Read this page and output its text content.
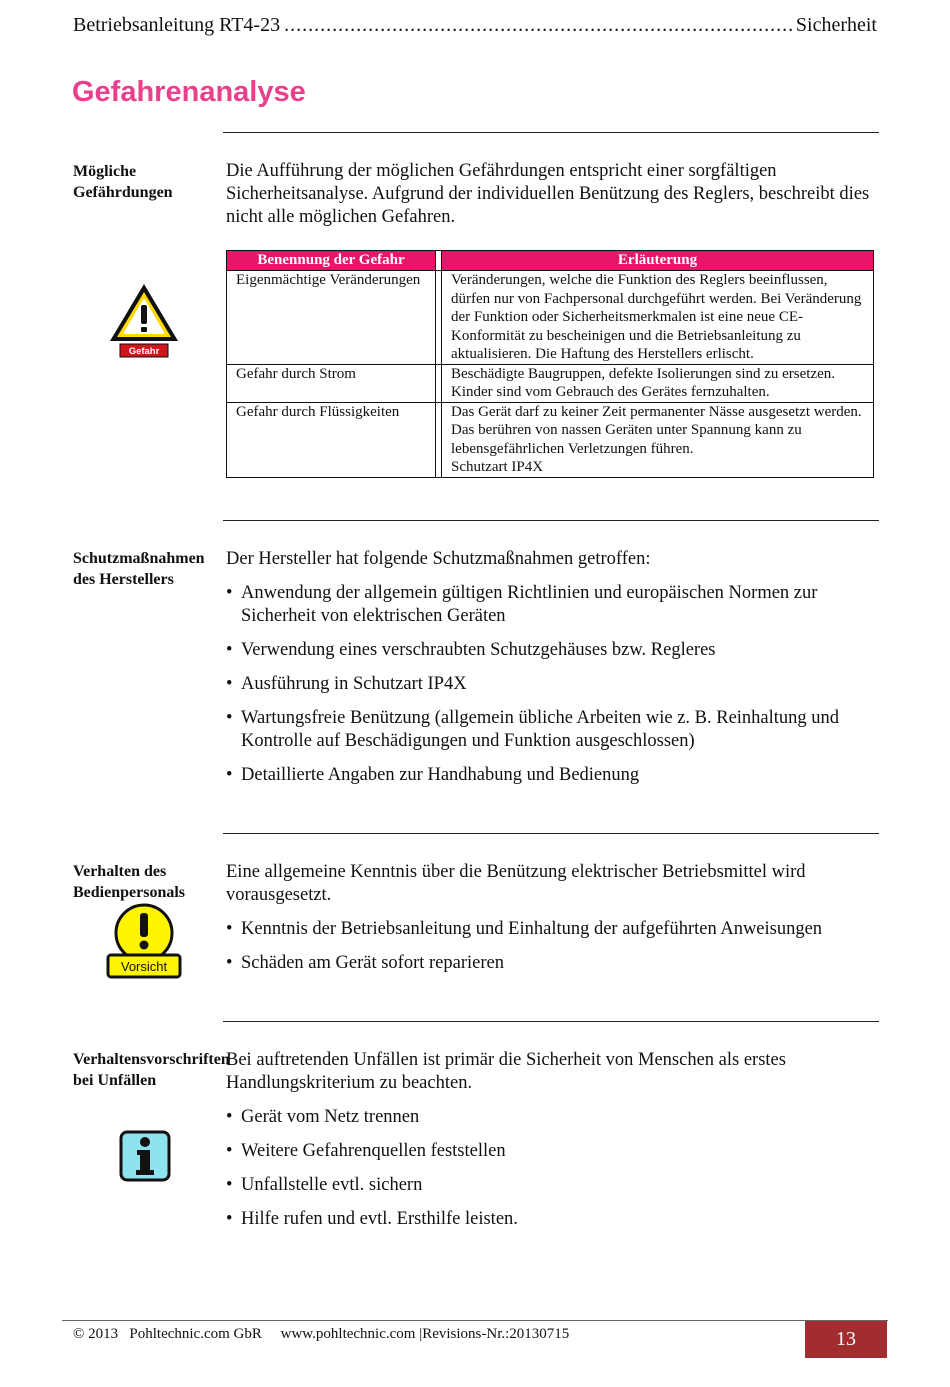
Betriebsanleitung RT4-23 .....	Sicherheit
Gefahrenanalyse
Mögliche Gefährdungen

Die Aufführung der möglichen Gefährdungen entspricht einer sorgfältigen Sicherheitsanalyse. Aufgrund der individuellen Benützung des Reglers, beschreibt dies nicht alle möglichen Gefahren.

Gefahr
Benennung der Gefahr		Erläuterung
Eigenmächtige Veränderungen		Veränderungen, welche die Funktion des Reglers beeinflussen, dürfen nur von Fachpersonal durchgeführt werden. Bei Veränderung der Funktion oder Sicherheitsmerkmalen ist eine neue CE-Konformität zu bescheinigen und die Betriebsanleitung zu aktualisieren. Die Haftung des Herstellers erlischt.
Gefahr durch Strom		Beschädigte Baugruppen, defekte Isolierungen sind zu ersetzen. Kinder sind vom Gebrauch des Gerätes fernzuhalten.
Gefahr durch Flüssigkeiten		Das Gerät darf zu keiner Zeit permanenter Nässe ausgesetzt werden. Das berühren von nassen Geräten unter Spannung kann zu lebensgefährlichen Verletzungen führen.
Schutzart IP4X
Schutzmaßnahmen des Herstellers

Der Hersteller hat folgende Schutzmaßnahmen getroffen:

• Anwendung der allgemein gültigen Richtlinien und europäischen Normen zur Sicherheit von elektrischen Geräten
• Verwendung eines verschraubten Schutzgehäuses bzw. Regleres
• Ausführung in Schutzart IP4X
• Wartungsfreie Benützung (allgemein übliche Arbeiten wie z. B. Reinhaltung und Kontrolle auf Beschädigungen und Funktion ausgeschlossen)
• Detaillierte Angaben zur Handhabung und Bedienung
Verhalten des Bedienpersonals
Vorsicht

Eine allgemeine Kenntnis über die Benützung elektrischer Betriebsmittel wird vorausgesetzt.

• Kenntnis der Betriebsanleitung und Einhaltung der aufgeführten Anweisungen
• Schäden am Gerät sofort reparieren
Verhaltensvorschriften bei Unfällen

Bei auftretenden Unfällen ist primär die Sicherheit von Menschen als erstes Handlungskriterium zu beachten.

• Gerät vom Netz trennen
• Weitere Gefahrenquellen feststellen
• Unfallstelle evtl. sichern
• Hilfe rufen und evtl. Ersthilfe leisten.
© 2013   Pohltechnic.com GbR     www.pohltechnic.com |Revisions-Nr.:20130715	13
